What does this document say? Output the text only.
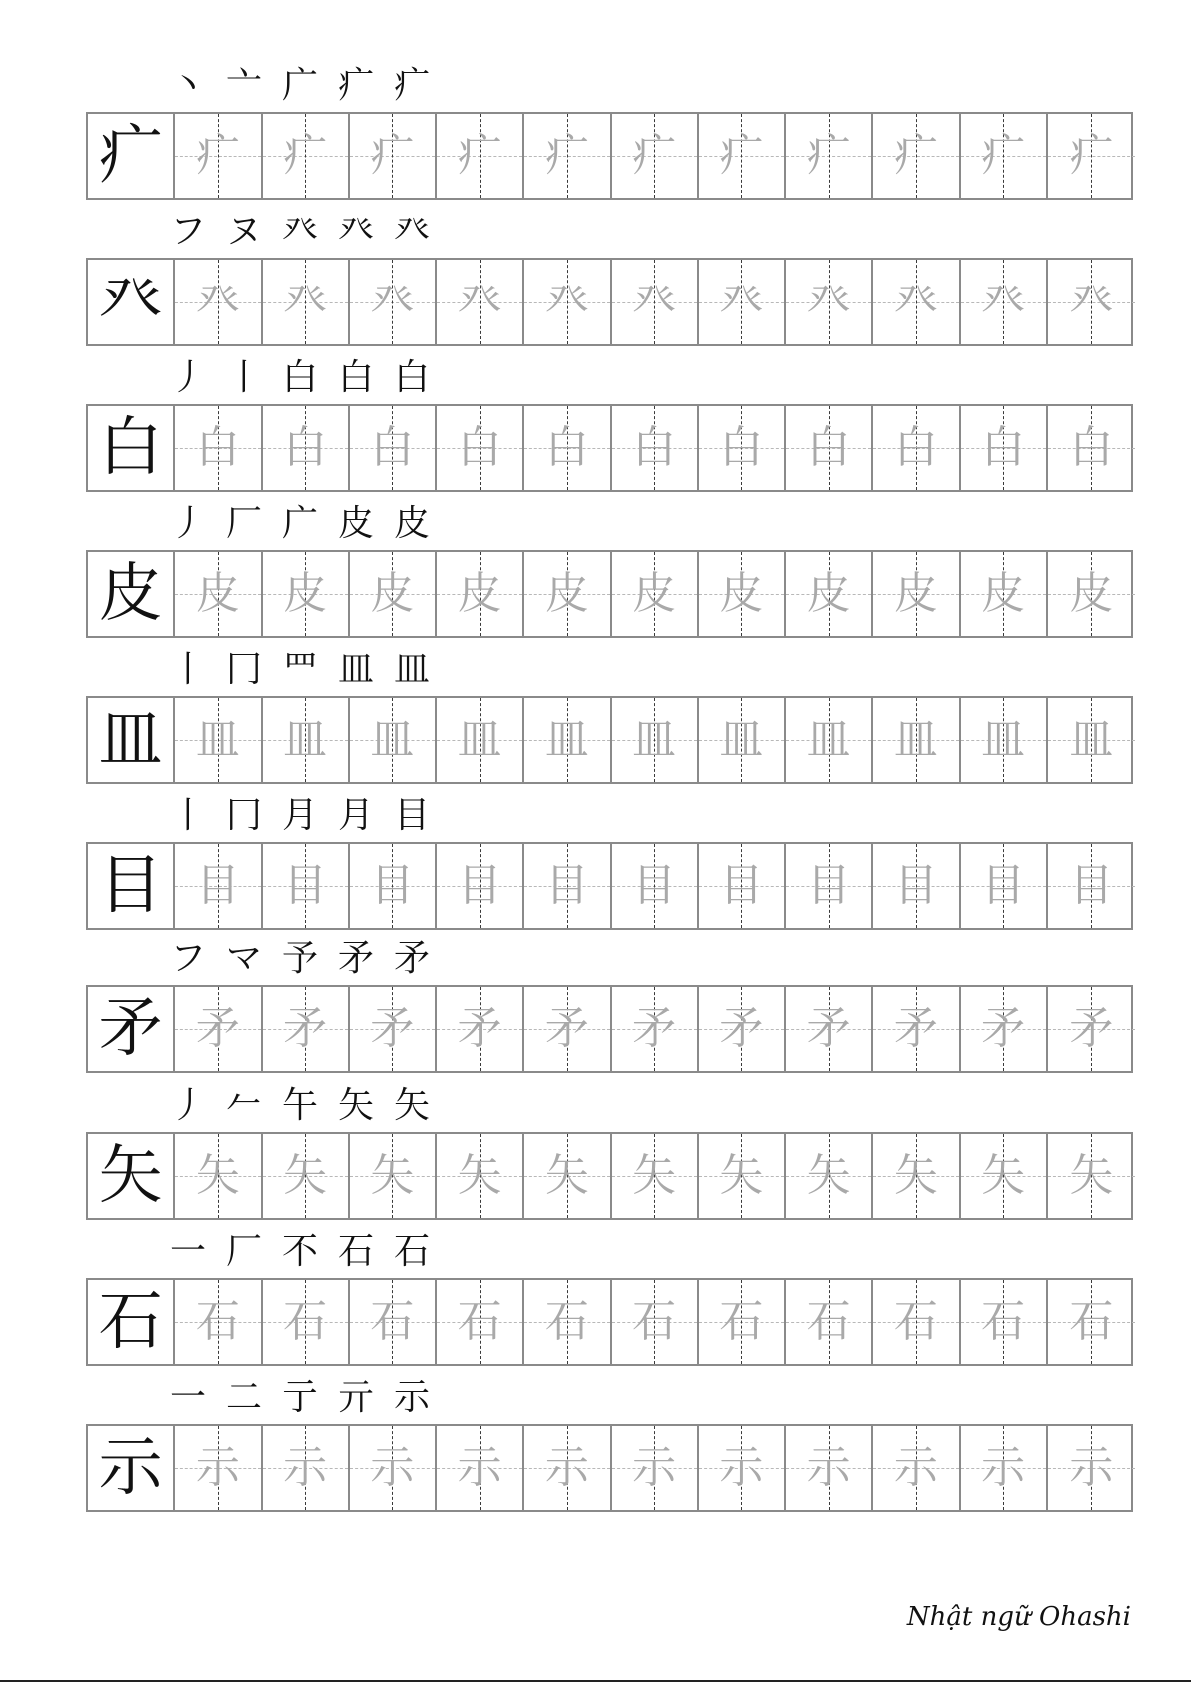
丶 亠 广 疒 疒
疒 疒 疒 疒 疒 疒 疒 疒 疒 疒 疒	疒
フ ヌ 癶 癶 癶
癶 癶 癶 癶 癶 癶 癶 癶 癶 癶 癶	癶
丿 丨 白 白 白
白 白 白 白 白 白 白 白 白 白 白	白
丿 厂 广 皮 皮
皮 皮 皮 皮 皮 皮 皮 皮 皮 皮 皮	皮
丨 冂 罒 皿 皿
皿 皿 皿 皿 皿 皿 皿 皿 皿 皿 皿	皿
丨 冂 月 月 目
目 目 目 目 目 目 目 目 目 目 目	目
フ マ 予 矛 矛
矛 矛 矛 矛 矛 矛 矛 矛 矛 矛 矛	矛
丿 𠂉 午 矢 矢
矢 矢 矢 矢 矢 矢 矢 矢 矢 矢 矢	矢
一 厂 不 石 石
石 石 石 石 石 石 石 石 石 石 石	石
一 二 亍 亓 示
示 示 示 示 示 示 示 示 示 示 示	示
Nhật ngữ Ohashi
